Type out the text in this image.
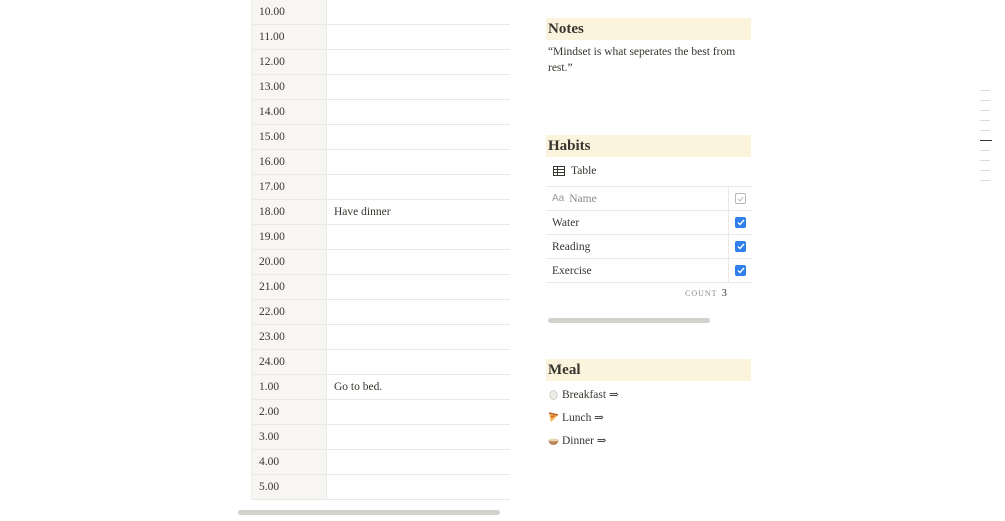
10.00
11.00
12.00
13.00
14.00
15.00
16.00
17.00
18.00	Have dinner
19.00
20.00
21.00
22.00
23.00
24.00
1.00	Go to bed.
2.00
3.00
4.00
5.00
Notes
“Mindset is what seperates the best from rest.”
Habits
Table
Aa Name
Water
Reading
Exercise
COUNT 3
Meal
Breakfast ⇒
Lunch ⇒
Dinner ⇒
